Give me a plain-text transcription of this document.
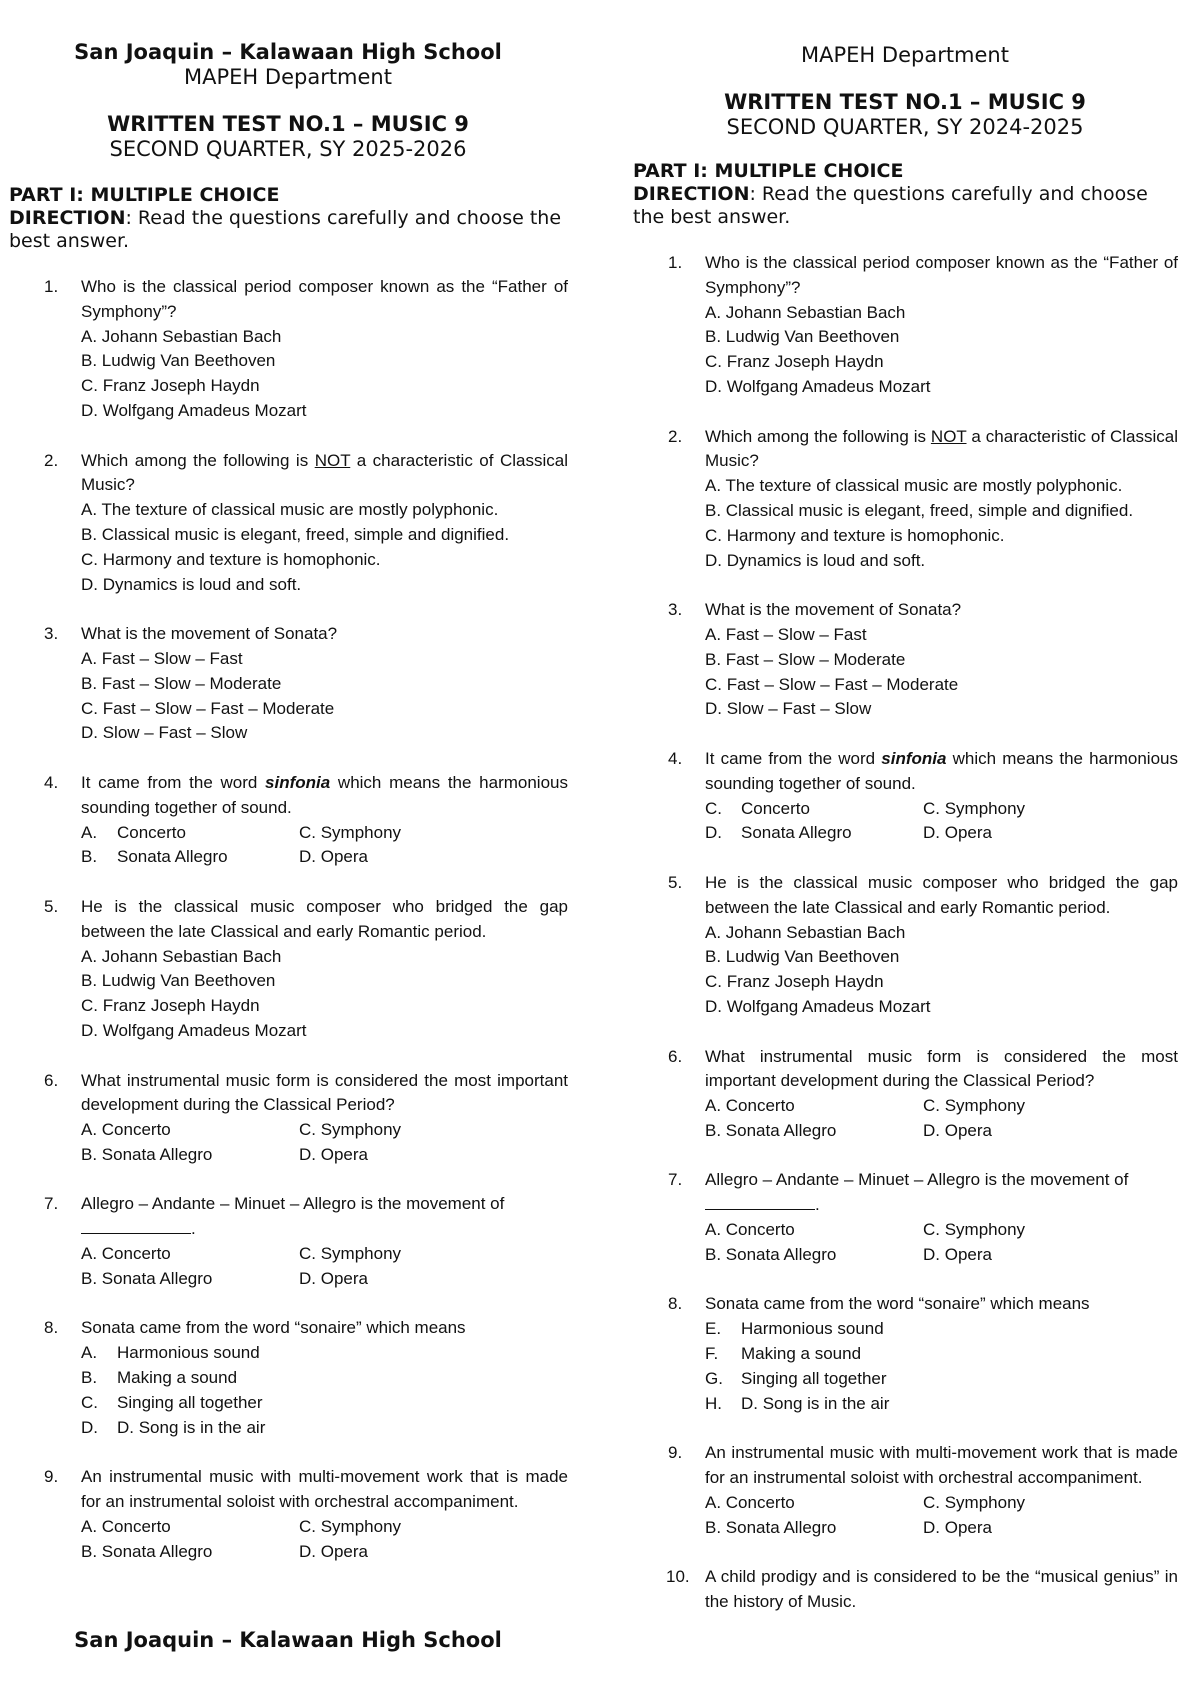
San Joaquin – Kalawaan High School
MAPEH Department
WRITTEN TEST NO.1 – MUSIC 9
SECOND QUARTER, SY 2025-2026
PART I: MULTIPLE CHOICE
DIRECTION: Read the questions carefully and choose the best answer.
1.	Who is the classical period composer known as the “Father of Symphony”?
A. Johann Sebastian Bach
B. Ludwig Van Beethoven
C. Franz Joseph Haydn
D. Wolfgang Amadeus Mozart
2.	Which among the following is NOT a characteristic of Classical Music?
A. The texture of classical music are mostly polyphonic.
B. Classical music is elegant, freed, simple and dignified.
C. Harmony and texture is homophonic.
D. Dynamics is loud and soft.
3.	What is the movement of Sonata?
A. Fast – Slow – Fast
B. Fast – Slow – Moderate
C. Fast – Slow – Fast – Moderate
D. Slow – Fast – Slow
4.	It came from the word sinfonia which means the harmonious sounding together of sound.
A.	Concerto	C. Symphony
B.	Sonata Allegro	D. Opera
5.	He is the classical music composer who bridged the gap between the late Classical and early Romantic period.
A. Johann Sebastian Bach
B. Ludwig Van Beethoven
C. Franz Joseph Haydn
D. Wolfgang Amadeus Mozart
6.	What instrumental music form is considered the most important development during the Classical Period?
A. Concerto	C. Symphony
B. Sonata Allegro	D. Opera
7.	Allegro – Andante – Minuet – Allegro is the movement of
.
A. Concerto	C. Symphony
B. Sonata Allegro	D. Opera
8.	Sonata came from the word “sonaire” which means
A.	Harmonious sound
B.	Making a sound
C.	Singing all together
D.	D. Song is in the air
9.	An instrumental music with multi-movement work that is made for an instrumental soloist with orchestral accompaniment.
A. Concerto	C. Symphony
B. Sonata Allegro	D. Opera
San Joaquin – Kalawaan High School
MAPEH Department
WRITTEN TEST NO.1 – MUSIC 9
SECOND QUARTER, SY 2024-2025
PART I: MULTIPLE CHOICE
DIRECTION: Read the questions carefully and choose the best answer.
1.	Who is the classical period composer known as the “Father of Symphony”?
A. Johann Sebastian Bach
B. Ludwig Van Beethoven
C. Franz Joseph Haydn
D. Wolfgang Amadeus Mozart
2.	Which among the following is NOT a characteristic of Classical Music?
A. The texture of classical music are mostly polyphonic.
B. Classical music is elegant, freed, simple and dignified.
C. Harmony and texture is homophonic.
D. Dynamics is loud and soft.
3.	What is the movement of Sonata?
A. Fast – Slow – Fast
B. Fast – Slow – Moderate
C. Fast – Slow – Fast – Moderate
D. Slow – Fast – Slow
4.	It came from the word sinfonia which means the harmonious sounding together of sound.
C.	Concerto	C. Symphony
D.	Sonata Allegro	D. Opera
5.	He is the classical music composer who bridged the gap between the late Classical and early Romantic period.
A. Johann Sebastian Bach
B. Ludwig Van Beethoven
C. Franz Joseph Haydn
D. Wolfgang Amadeus Mozart
6.	What instrumental music form is considered the most important development during the Classical Period?
A. Concerto	C. Symphony
B. Sonata Allegro	D. Opera
7.	Allegro – Andante – Minuet – Allegro is the movement of
.
A. Concerto	C. Symphony
B. Sonata Allegro	D. Opera
8.	Sonata came from the word “sonaire” which means
E.	Harmonious sound
F.	Making a sound
G.	Singing all together
H.	D. Song is in the air
9.	An instrumental music with multi-movement work that is made for an instrumental soloist with orchestral accompaniment.
A. Concerto	C. Symphony
B. Sonata Allegro	D. Opera
10. A child prodigy and is considered to be the “musical genius” in the history of Music.
